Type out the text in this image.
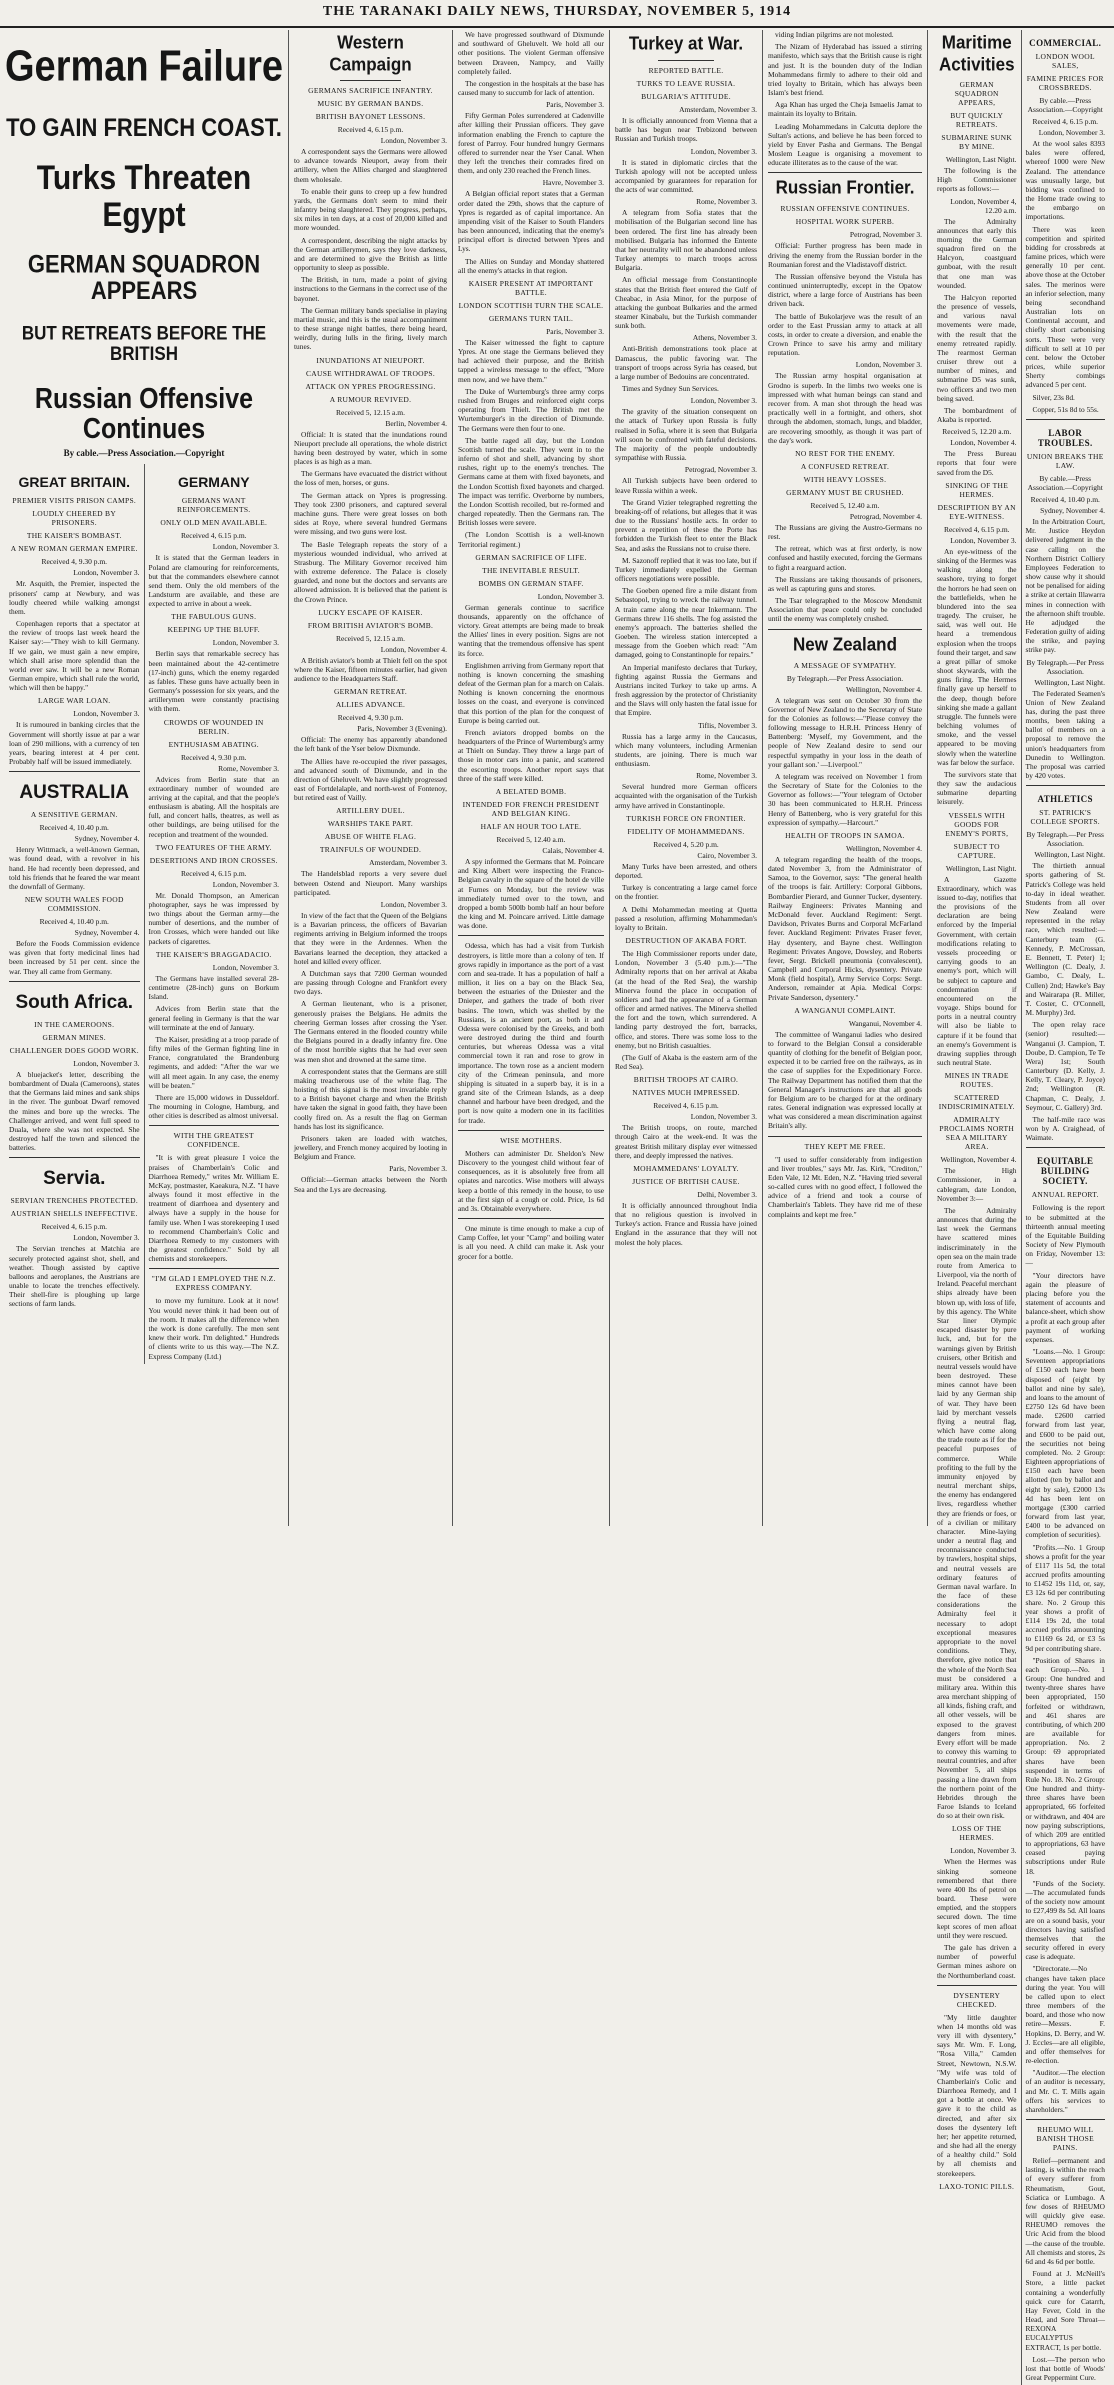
THE TARANAKI DAILY NEWS, THURSDAY, NOVEMBER 5, 1914
German Failure
TO GAIN FRENCH COAST.
Turks Threaten Egypt
GERMAN SQUADRON APPEARS
BUT RETREATS BEFORE THE BRITISH
Russian Offensive Continues
By cable.—Press Association.—Copyright
GREAT BRITAIN.
PREMIER VISITS PRISON CAMPS.
LOUDLY CHEERED BY PRISONERS.
THE KAISER'S BOMBAST.
A NEW ROMAN GERMAN EMPIRE.
Received 4, 9.30 p.m.
London, November 3.

Mr. Asquith, the Premier, inspected the prisoners' camp at Newbury, and was loudly cheered while walking amongst them.

Copenhagen reports that a spectator at the review of troops last week heard the Kaiser say:—"They wish to kill Germany. If we gain, we must gain a new empire, which shall arise more splendid than the world ever saw. It will be a new Roman German empire, which shall rule the world, which will then be happy."

LARGE WAR LOAN.
London, November 3.

It is rumoured in banking circles that the Government will shortly issue at par a war loan of 290 millions, with a currency of ten years, bearing interest at 4 per cent. Probably half will be issued immediately.

AUSTRALIA
A SENSITIVE GERMAN.
Received 4, 10.40 p.m.
Sydney, November 4.

Henry Wittmack, a well-known German, was found dead, with a revolver in his hand. He had recently been depressed, and told his friends that he feared the war meant the downfall of Germany.

NEW SOUTH WALES FOOD COMMISSION.
Received 4, 10.40 p.m.
Sydney, November 4.

Before the Foods Commission evidence was given that forty medicinal lines had been increased by 51 per cent. since the war. They all came from Germany.

South Africa.
IN THE CAMEROONS.
GERMAN MINES.
CHALLENGER DOES GOOD WORK.
London, November 3.

A bluejacket's letter, describing the bombardment of Duala (Cameroons), states that the Germans laid mines and sank ships in the river. The gunboat Dwarf removed the mines and bore up the wrecks. The Challenger arrived, and went full speed to Duala, where she was not expected. She destroyed half the town and silenced the batteries.

Servia.
SERVIAN TRENCHES PROTECTED.
AUSTRIAN SHELLS INEFFECTIVE.
Received 4, 6.15 p.m.
London, November 3.

The Servian trenches at Matchia are securely protected against shot, shell, and weather. Though assisted by captive balloons and aeroplanes, the Austrians are unable to locate the trenches effectively. Their shell-fire is ploughing up large sections of farm lands.

GERMANY
GERMANS WANT REINFORCEMENTS.
ONLY OLD MEN AVAILABLE.
Received 4, 6.15 p.m.
London, November 3.

It is stated that the German leaders in Poland are clamouring for reinforcements, but that the commanders elsewhere cannot send them. Only the old members of the Landsturm are available, and these are expected to arrive in about a week.

THE FABULOUS GUNS.
KEEPING UP THE BLUFF.
London, November 3.

Berlin says that remarkable secrecy has been maintained about the 42-centimetre (17-inch) guns, which the enemy regarded as fables. These guns have actually been in Germany's possession for six years, and the artillerymen were constantly practising with them.

CROWDS OF WOUNDED IN BERLIN.
ENTHUSIASM ABATING.
Received 4, 9.30 p.m.
Rome, November 3.

Advices from Berlin state that an extraordinary number of wounded are arriving at the capital, and that the people's enthusiasm is abating. All the hospitals are full, and concert halls, theatres, as well as other buildings, are being utilised for the reception and treatment of the wounded.

TWO FEATURES OF THE ARMY.
DESERTIONS AND IRON CROSSES.
Received 4, 6.15 p.m.
London, November 3.

Mr. Donald Thompson, an American photographer, says he was impressed by two things about the German army—the number of desertions, and the number of Iron Crosses, which were handed out like packets of cigarettes.

THE KAISER'S BRAGGADACIO.
London, November 3.

The Germans have installed several 28-centimetre (28-inch) guns on Borkum Island.

Advices from Berlin state that the general feeling in Germany is that the war will terminate at the end of January.

The Kaiser, presiding at a troop parade of fifty miles of the German fighting line in France, congratulated the Brandenburg regiments, and added: "After the war we will all meet again. In any case, the enemy will be beaten."

There are 15,000 widows in Dusseldorf. The mourning in Cologne, Hamburg, and other cities is described as almost universal.

WITH THE GREATEST CONFIDENCE.

"It is with great pleasure I voice the praises of Chamberlain's Colic and Diarrhoea Remedy," writes Mr. William E. McKay, postmaster, Kaeakura, N.Z. "I have always found it most effective in the treatment of diarrhoea and dysentery and always have a supply in the house for family use. When I was storekeeping I used to recommend Chamberlain's Colic and Diarrhoea Remedy to my customers with the greatest confidence." Sold by all chemists and storekeepers.

"I'M GLAD I EMPLOYED THE N.Z. EXPRESS COMPANY.

to move my furniture. Look at it now! You would never think it had been out of the room. It makes all the difference when the work is done carefully. The men sent knew their work. I'm delighted." Hundreds of clients write to us this way.—The N.Z. Express Company (Ltd.)

Western Campaign
GERMANS SACRIFICE INFANTRY.
MUSIC BY GERMAN BANDS.
BRITISH BAYONET LESSONS.
Received 4, 6.15 p.m.
London, November 3.

A correspondent says the Germans were allowed to advance towards Nieuport, away from their artillery, when the Allies charged and slaughtered them wholesale.

To enable their guns to creep up a few hundred yards, the Germans don't seem to mind their infantry being slaughtered. They progress, perhaps, six miles in ten days, at a cost of 20,000 killed and more wounded.

A correspondent, describing the night attacks by the German artillerymen, says they love darkness, and are determined to give the British as little opportunity to sleep as possible.

The British, in turn, made a point of giving instructions to the Germans in the correct use of the bayonet.

The German military bands specialise in playing martial music, and this is the usual accompaniment to these strange night battles, there being heard, weirdly, during lulls in the firing, lively march tunes.

INUNDATIONS AT NIEUPORT.
CAUSE WITHDRAWAL OF TROOPS.
ATTACK ON YPRES PROGRESSING.
A RUMOUR REVIVED.
Received 5, 12.15 a.m.
Berlin, November 4.

Official: It is stated that the inundations round Nieuport preclude all operations, the whole district having been destroyed by water, which in some places is as high as a man.

The Germans have evacuated the district without the loss of men, horses, or guns.

The German attack on Ypres is progressing. They took 2300 prisoners, and captured several machine guns. There were great losses on both sides at Roye, where several hundred Germans were missing, and two guns were lost.

The Basle Telegraph repeats the story of a mysterious wounded individual, who arrived at Strasburg. The Military Governor received him with extreme deference. The Palace is closely guarded, and none but the doctors and servants are allowed admission. It is believed that the patient is the Crown Prince.

LUCKY ESCAPE OF KAISER.
FROM BRITISH AVIATOR'S BOMB.
Received 5, 12.15 a.m.
London, November 4.

A British aviator's bomb at Thielt fell on the spot where the Kaiser, fifteen minutes earlier, had given audience to the Headquarters Staff.

GERMAN RETREAT.
ALLIES ADVANCE.
Received 4, 9.30 p.m.
Paris, November 3 (Evening).

Official: The enemy has apparently abandoned the left bank of the Yser below Dixmunde.

The Allies have re-occupied the river passages, and advanced south of Dixmunde, and in the direction of Gheluvelt. We have slightly progressed east of Fortdelalaple, and north-west of Fontenoy, but retired east of Vailly.

ARTILLERY DUEL.
WARSHIPS TAKE PART.
ABUSE OF WHITE FLAG.
TRAINFULS OF WOUNDED.
Amsterdam, November 3.

The Handelsblad reports a very severe duel between Ostend and Nieuport. Many warships participated.

London, November 3.

In view of the fact that the Queen of the Belgians is a Bavarian princess, the officers of Bavarian regiments arriving in Belgium informed the troops that they were in the Ardennes. When the Bavarians learned the deception, they attacked a hotel and killed every officer.

A Dutchman says that 7200 German wounded are passing through Cologne and Frankfort every two days.

A German lieutenant, who is a prisoner, generously praises the Belgians. He admits the cheering German losses after crossing the Yser. The Germans entered in the flooded country while the Belgians poured in a deadly infantry fire. One of the most horrible sights that he had ever seen was men shot and drowned at the same time.

A correspondent states that the Germans are still making treacherous use of the white flag. The hoisting of this signal is the most invariable reply to a British bayonet charge and when the British have taken the signal in good faith, they have been coolly fired on. As a result the flag on German hands has lost its significance.

Prisoners taken are loaded with watches, jewellery, and French money acquired by looting in Belgium and France.

Paris, November 3.

Official:—German attacks between the North Sea and the Lys are decreasing.

We have progressed southward of Dixmunde and southward of Gheluvelt. We hold all our other positions. The violent German offensive between Draveen, Nampcy, and Vailly completely failed.

The congestion in the hospitals at the base has caused many to succumb for lack of attention.

Paris, November 3.

Fifty German Poles surrendered at Cadenville after killing their Prussian officers. They gave information enabling the French to capture the forest of Parroy. Four hundred hungry Germans offered to surrender near the Yser Canal. When they left the trenches their comrades fired on them, and only 230 reached the French lines.

Havre, November 3.

A Belgian official report states that a German order dated the 29th, shows that the capture of Ypres is regarded as of capital importance. An impending visit of the Kaiser to South Flanders has been announced, indicating that the enemy's principal effort is directed between Ypres and Lys.

The Allies on Sunday and Monday shattered all the enemy's attacks in that region.

KAISER PRESENT AT IMPORTANT BATTLE.
LONDON SCOTTISH TURN THE SCALE.
GERMANS TURN TAIL.
Paris, November 3.

The Kaiser witnessed the fight to capture Ypres. At one stage the Germans believed they had achieved their purpose, and the British tapped a wireless message to the effect, "More men now, and we have them."

The Duke of Wurtemburg's three army corps rushed from Bruges and reinforced eight corps operating from Thielt. The British met the Wurtemburger's in the direction of Dixmunde. The Germans were then four to one.

The battle raged all day, but the London Scottish turned the scale. They went in to the inferno of shot and shell, advancing by short rushes, right up to the enemy's trenches. The Germans came at them with fixed bayonets, and the London Scottish fixed bayonets and charged. The impact was terrific. Overborne by numbers, the London Scottish recoiled, but re-formed and charged repeatedly. Then the Germans ran. The British losses were severe.

(The London Scottish is a well-known Territorial regiment.)

GERMAN SACRIFICE OF LIFE.
THE INEVITABLE RESULT.
BOMBS ON GERMAN STAFF.
London, November 3.

German generals continue to sacrifice thousands, apparently on the offchance of victory. Great attempts are being made to break the Allies' lines in every position. Signs are not wanting that the tremendous offensive has spent its force.

Englishmen arriving from Germany report that nothing is known concerning the smashing defeat of the German plan for a march on Calais. Nothing is known concerning the enormous losses on the coast, and everyone is convinced that this portion of the plan for the conquest of Europe is being carried out.

French aviators dropped bombs on the headquarters of the Prince of Wurtemburg's army at Thielt on Sunday. They threw a large part of those in motor cars into a panic, and scattered the escorting troops. Another report says that three of the staff were killed.

A BELATED BOMB.
INTENDED FOR FRENCH PRESIDENT AND BELGIAN KING.
HALF AN HOUR TOO LATE.
Received 5, 12.40 a.m.
Calais, November 4.

A spy informed the Germans that M. Poincare and King Albert were inspecting the Franco-Belgian cavalry in the square of the hotel de ville at Furnes on Monday, but the review was immediately turned over to the town, and dropped a bomb 500lb bomb half an hour before the king and M. Poincare arrived. Little damage was done.

Odessa, which has had a visit from Turkish destroyers, is little more than a colony of ten. If grows rapidly in importance as the port of a vast corn and sea-trade. It has a population of half a million, it lies on a bay on the Black Sea, between the estuaries of the Dniester and the Dnieper, and gathers the trade of both river basins. The town, which was shelled by the Russians, is an ancient port, as both it and Odessa were colonised by the Greeks, and both were destroyed during the third and fourth centuries, but whereas Odessa was a vital commercial town it ran and rose to grow in importance. The town rose as a ancient modern city of the Crimean peninsula, and more shipping is situated in a superb bay, it is in a grand site of the Crimean Islands, as a deep channel and harbour have been dredged, and the port is now quite a modern one in its facilities for trade.

WISE MOTHERS.

Mothers can administer Dr. Sheldon's New Discovery to the youngest child without fear of consequences, as it is absolutely free from all opiates and narcotics. Wise mothers will always keep a bottle of this remedy in the house, to use at the first sign of a cough or cold. Price, 1s 6d and 3s. Obtainable everywhere.

One minute is time enough to make a cup of Camp Coffee, let your "Camp" and boiling water is all you need. A child can make it. Ask your grocer for a bottle.

Turkey at War.
REPORTED BATTLE.
TURKS TO LEAVE RUSSIA.
BULGARIA'S ATTITUDE.
Amsterdam, November 3.

It is officially announced from Vienna that a battle has begun near Trebizond between Russian and Turkish troops.

London, November 3.

It is stated in diplomatic circles that the Turkish apology will not be accepted unless accompanied by guarantees for reparation for the acts of war committed.

Rome, November 3.

A telegram from Sofia states that the mobilisation of the Bulgarian second line has been ordered. The first line has already been mobilised. Bulgaria has informed the Entente that her neutrality will not be abandoned unless Turkey attempts to march troops across Bulgaria.

An official message from Constantinople states that the British fleet entered the Gulf of Cheabac, in Asia Minor, for the purpose of attacking the gunboat Bulkaries and the armed steamer Kinabalu, but the Turkish commander sunk both.

Athens, November 3.

Anti-British demonstrations took place at Damascus, the public favoring war. The transport of troops across Syria has ceased, but a large number of Bedouins are concentrated.

Times and Sydney Sun Services.

London, November 3.

The gravity of the situation consequent on the attack of Turkey upon Russia is fully realised in Sofia, where it is seen that Bulgaria will soon be confronted with fateful decisions. The majority of the people undoubtedly sympathise with Russia.

Petrograd, November 3.

All Turkish subjects have been ordered to leave Russia within a week.

The Grand Vizier telegraphed regretting the breaking-off of relations, but alleges that it was due to the Russians' hostile acts. In order to prevent a repetition of these the Porte has forbidden the Turkish fleet to enter the Black Sea, and asks the Russians not to cruise there.

M. Sazonoff replied that it was too late, but if Turkey immediately expelled the German officers negotiations were possible.

The Goeben opened fire a mile distant from Sebastopol, trying to wreck the railway tunnel. A train came along the near Inkermann. The Germans threw 116 shells. The fog assisted the enemy's approach. The batteries shelled the Goeben. The wireless station intercepted a message from the Goeben which read: "Am damaged, going to Constantinople for repairs."

An Imperial manifesto declares that Turkey, fighting against Russia the Germans and Austrians incited Turkey to take up arms. A fresh aggression by the protector of Christianity and the Slavs will only hasten the fatal issue for that Empire.

Tiflis, November 3.

Russia has a large army in the Caucasus, which many volunteers, including Armenian students, are joining. There is much war enthusiasm.

Rome, November 3.

Several hundred more German officers acquainted with the organisation of the Turkish army have arrived in Constantinople.

TURKISH FORCE ON FRONTIER.
FIDELITY OF MOHAMMEDANS.
Received 4, 5.20 p.m.
Cairo, November 3.

Many Turks have been arrested, and others deported.

Turkey is concentrating a large camel force on the frontier.

A Delhi Mohammedan meeting at Quetta passed a resolution, affirming Mohammedan's loyalty to Britain.

DESTRUCTION OF AKABA FORT.

The High Commissioner reports under date, London, November 3 (5.40 p.m.):—"The Admiralty reports that on her arrival at Akaba (at the head of the Red Sea), the warship Minerva found the place in occupation of soldiers and had the appearance of a German officer and armed natives. The Minerva shelled the fort and the town, which surrendered. A landing party destroyed the fort, barracks, office, and stores. There was some loss to the enemy, but no British casualties.

(The Gulf of Akaba is the eastern arm of the Red Sea).

BRITISH TROOPS AT CAIRO.
NATIVES MUCH IMPRESSED.
Received 4, 6.15 p.m.
London, November 3.

The British troops, on route, marched through Cairo at the week-end. It was the greatest British military display ever witnessed there, and deeply impressed the natives.

MOHAMMEDANS' LOYALTY.
JUSTICE OF BRITISH CAUSE.
Delhi, November 3.

It is officially announced throughout India that no religious question is involved in Turkey's action. France and Russia have joined England in the assurance that they will not molest the holy places.

viding Indian pilgrims are not molested.

The Nizam of Hyderabad has issued a stirring manifesto, which says that the British cause is right and just. It is the bounden duty of the Indian Mohammedans firmly to adhere to their old and tried loyalty to Britain, which has always been Islam's best friend.

Aga Khan has urged the Cheja Ismaelis Jamat to maintain its loyalty to Britain.

Leading Mohammedans in Calcutta deplore the Sultan's actions, and believe he has been forced to yield by Enver Pasha and Germans. The Bengal Moslem League is organising a movement to educate illiterates as to the cause of the war.

Russian Frontier.
RUSSIAN OFFENSIVE CONTINUES.
HOSPITAL WORK SUPERB.
Petrograd, November 3.

Official: Further progress has been made in driving the enemy from the Russian border in the Roumanian forest and the Vladistavoff district.

The Russian offensive beyond the Vistula has continued uninterruptedly, except in the Opatow district, where a large force of Austrians has been driven back.

The battle of Bukolarjeve was the result of an order to the East Prussian army to attack at all costs, in order to create a diversion, and enable the Crown Prince to save his army and military reputation.

London, November 3.

The Russian army hospital organisation at Grodno is superb. In the limbs two weeks one is impressed with what human beings can stand and recover from. A man shot through the head was practically well in a fortnight, and others, shot through the abdomen, stomach, lungs, and bladder, are recovering smoothly, as though it was part of the day's work.

NO REST FOR THE ENEMY.
A CONFUSED RETREAT.
WITH HEAVY LOSSES.
GERMANY MUST BE CRUSHED.
Received 5, 12.40 a.m.
Petrograd, November 4.

The Russians are giving the Austro-Germans no rest.

The retreat, which was at first orderly, is now confused and hastily executed, forcing the Germans to fight a rearguard action.

The Russians are taking thousands of prisoners, as well as capturing guns and stores.

The Tsar telegraphed to the Moscow Mendsmit Association that peace could only be concluded until the enemy was completely crushed.

New Zealand
A MESSAGE OF SYMPATHY.
By Telegraph.—Per Press Association.
Wellington, November 4.

A telegram was sent on October 30 from the Governor of New Zealand to the Secretary of State for the Colonies as follows:—"Please convey the following message to H.R.H. Princess Henry of Battenberg: 'Myself, my Government, and the people of New Zealand desire to send our respectful sympathy in your loss in the death of your gallant son.' —Liverpool."

A telegram was received on November 1 from the Secretary of State for the Colonies to the Governor as follows:—"Your telegram of October 30 has been communicated to H.R.H. Princess Henry of Battenberg, who is very grateful for this expression of sympathy.—Harcourt."

HEALTH OF TROOPS IN SAMOA.
Wellington, November 4.

A telegram regarding the health of the troops, dated November 3, from the Administrator of Samoa, to the Governor, says: "The general health of the troops is fair. Artillery: Corporal Gibbons, Bombardier Pierard, and Gunner Tucker, dysentery. Railway Engineers: Privates Manning and McDonald fever. Auckland Regiment: Sergt. Davidson, Privates Burns and Corporal McFarland fever. Auckland Regiment: Privates Fraser fever, Hay dysentery, and Bayne chest. Wellington Regiment: Privates Angove, Dowsley, and Roberts fever, Sergt. Brickell pneumonia (convalescent), Campbell and Corporal Hicks, dysentery. Private Monk (field hospital), Army Service Corps: Sergt. Anderson, remainder at Apia. Medical Corps: Private Sanderson, dysentery."

A WANGANUI COMPLAINT.
Wanganui, November 4.

The committee of Wanganui ladies who desired to forward to the Belgian Consul a considerable quantity of clothing for the benefit of Belgian poor, expected it to be carried free on the railways, as in the case of supplies for the Expeditionary Force. The Railway Department has notified them that the General Manager's instructions are that all goods for Belgium are to be charged for at the ordinary rates. General indignation was expressed locally at what was considered a mean discrimination against Britain's ally.

THEY KEPT ME FREE.

"I used to suffer considerably from indigestion and liver troubles," says Mr. Jas. Kirk, "Crediton," Eden Vale, 12 Mt. Eden, N.Z. "Having tried several so-called cures with no good effect, I followed the advice of a friend and took a course of Chamberlain's Tablets. They have rid me of these complaints and kept me free."

Maritime Activities
GERMAN SQUADRON APPEARS,
BUT QUICKLY RETREATS.
SUBMARINE SUNK BY MINE.
Wellington, Last Night.

The following is the High Commissioner reports as follows:—

London, November 4, 12.20 a.m.

The Admiralty announces that early this morning the German squadron fired on the Halcyon, coastguard gunboat, with the result that one man was wounded.

The Halcyon reported the presence of vessels, and various naval movements were made, with the result that the enemy retreated rapidly. The rearmost German cruiser threw out a number of mines, and submarine D5 was sunk, two officers and two men being saved.

The bombardment of Akaba is reported.

Received 5, 12.20 a.m.
London, November 4.

The Press Bureau reports that four were saved from the D5.

SINKING OF THE HERMES.
DESCRIPTION BY AN EYE-WITNESS.
Received 4, 6.15 p.m.
London, November 3.

An eye-witness of the sinking of the Hermes was walking along the seashore, trying to forget the horrors he had seen on the battlefields, when he blundered into the sea tragedy. The cruiser, he said, was well out. He heard a tremendous explosion when the troops found their target, and saw a great pillar of smoke shoot skywards, with the guns firing. The Hermes finally gave up herself to the deep, though before sinking she made a gallant struggle. The funnels were belching volumes of smoke, and the vessel appeared to be moving slowly when the waterline was far below the surface.

The survivors state that they saw the audacious submarine departing leisurely.

VESSELS WITH GOODS FOR ENEMY'S PORTS,
SUBJECT TO CAPTURE.
Wellington, Last Night.

A Gazette Extraordinary, which was issued to-day, notifies that the provisions of the declaration are being enforced by the Imperial Government, with certain modifications relating to vessels proceeding or carrying goods to an enemy's port, which will be subject to capture and condemnation if encountered on the voyage. Ships bound for ports in a neutral country will also be liable to capture if it be found that an enemy's Government is drawing supplies through such neutral State.

MINES IN TRADE ROUTES.
SCATTERED INDISCRIMINATELY.
ADMIRALTY PROCLAIMS NORTH SEA A MILITARY AREA.
Wellington, November 4.

The High Commissioner, in a cablegram, date London, November 3:—

The Admiralty announces that during the last week the Germans have scattered mines indiscriminately in the open sea on the main trade route from America to Liverpool, via the north of Ireland. Peaceful merchant ships already have been blown up, with loss of life, by this agency. The White Star liner Olympic escaped disaster by pure luck, and, but for the warnings given by British cruisers, other British and neutral vessels would have been destroyed. These mines cannot have been laid by any German ship of war. They have been laid by merchant vessels flying a neutral flag, which have come along the trade route as if for the peaceful purposes of commerce. While profiting to the full by the immunity enjoyed by neutral merchant ships, the enemy has endangered lives, regardless whether they are friends or foes, or of a civilian or military character. Mine-laying under a neutral flag and reconnaissance conducted by trawlers, hospital ships, and neutral vessels are ordinary features of German naval warfare. In the face of these considerations the Admiralty feel it necessary to adopt exceptional measures appropriate to the novel conditions. They, therefore, give notice that the whole of the North Sea must be considered a military area. Within this area merchant shipping of all kinds, fishing craft, and all other vessels, will be exposed to the gravest dangers from mines. Every effort will be made to convey this warning to neutral countries, and after November 5, all ships passing a line drawn from the northern point of the Hebrides through the Faroe Islands to Iceland do so at their own risk.

LOSS OF THE HERMES.
London, November 3.

When the Hermes was sinking someone remembered that there were 400 lbs of petrol on board. These were emptied, and the stoppers secured down. The time kept scores of men afloat until they were rescued.

The gale has driven a number of powerful German mines ashore on the Northumberland coast.

DYSENTERY CHECKED.

"My little daughter when 14 months old was very ill with dysentery," says Mr. Wm. F. Long, "Rosa Villa," Camden Street, Newtown, N.S.W. "My wife was told of Chamberlain's Colic and Diarrhoea Remedy, and I got a bottle at once. We gave it to the child as directed, and after six doses the dysentery left her; her appetite returned, and she had all the energy of a healthy child." Sold by all chemists and storekeepers.

LAXO-TONIC PILLS.
COMMERCIAL.
LONDON WOOL SALES,
FAMINE PRICES FOR CROSSBREDS.
By cable.—Press Association.—Copyright
Received 4, 6.15 p.m.
London, November 3.

At the wool sales 8393 bales were offered, whereof 1000 were New Zealand. The attendance was unusually large, but bidding was confined to the Home trade owing to the embargo on importations.

There was keen competition and spirited bidding for crossbreds at famine prices, which were generally 10 per cent. above those at the October sales. The merinos were an inferior selection, many being secondhand Australian lots on Continental account, and chiefly short carbonising sorts. These were very difficult to sell at 10 per cent. below the October prices, while superior Sherty combings advanced 5 per cent.

Silver, 23s 8d.

Copper, 51s 8d to 55s.

LABOR TROUBLES.
UNION BREAKS THE LAW.
By cable.—Press Association.—Copyright
Received 4, 10.40 p.m.
Sydney, November 4.

In the Arbitration Court, Mr. Justice Heydon delivered judgment in the case calling on the Northern District Colliery Employees Federation to show cause why it should not be penalised for aiding a strike at certain Illawarra mines in connection with the afternoon shift trouble. He adjudged the Federation guilty of aiding the strike, and paying strike pay.

By Telegraph.—Per Press Association.
Wellington, Last Night.

The Federated Seamen's Union of New Zealand has, during the past three months, been taking a ballot of members on a proposal to remove the union's headquarters from Dunedin to Wellington. The proposal was carried by 420 votes.

ATHLETICS
ST. PATRICK'S COLLEGE SPORTS.
By Telegraph.—Per Press Association.
Wellington, Last Night.

The thirtieth annual sports gathering of St. Patrick's College was held to-day in ideal weather. Students from all over New Zealand were represented in the relay race, which resulted:—Canterbury team (G. Kennedy, P. McCrossan, E. Bennett, T. Peter) 1; Wellington (C. Dealy, J. Gambo, C. Dealy, L. Cullen) 2nd; Hawke's Bay and Wairarapa (R. Miller, T. Coster, C. O'Connell, M. Murphy) 3rd.

The open relay race (senior) resulted:—Wanganui (J. Campion, T. Doube, D. Campion, Te Te Wera) 1st; South Canterbury (D. Kelly, J. Kelly, T. Cleary, P. Joyce) 2nd; Wellington (R. Chapman, C. Dealy, J. Seymour, C. Gallery) 3rd.

The half-mile race was won by A. Craighead, of Waimate.

EQUITABLE BUILDING SOCIETY.
ANNUAL REPORT.

Following is the report to be submitted at the thirteenth annual meeting of the Equitable Building Society of New Plymouth on Friday, November 13:—

"Your directors have again the pleasure of placing before you the statement of accounts and balance-sheet, which show a profit at each group after payment of working expenses.

"Loans.—No. 1 Group: Seventeen appropriations of £150 each have been disposed of (eight by ballot and nine by sale), and loans to the amount of £2750 12s 6d have been made. £2600 carried forward from last year, and £600 to be paid out, the securities not being completed. No. 2 Group: Eighteen appropriations of £150 each have been allotted (ten by ballot and eight by sale), £2000 13s 4d has been lent on mortgage (£300 carried forward from last year, £400 to be advanced on completion of securities).

"Profits.—No. 1 Group shows a profit for the year of £117 11s 5d, the total accrued profits amounting to £1452 19s 11d, or, say, £3 12s 6d per contributing share. No. 2 Group this year shows a profit of £114 19s 2d, the total accrued profits amounting to £1169 6s 2d, or £3 5s 9d per contributing share.

"Position of Shares in each Group.—No. 1 Group: One hundred and twenty-three shares have been appropriated, 150 forfeited or withdrawn, and 461 shares are contributing, of which 200 are available for appropriation. No. 2 Group: 69 appropriated shares have been suspended in terms of Rule No. 18. No. 2 Group: One hundred and thirty-three shares have been appropriated, 66 forfeited or withdrawn, and 404 are now paying subscriptions, of which 209 are entitled to appropriations, 63 have ceased paying subscriptions under Rule 18.

"Funds of the Society.—The accumulated funds of the society now amount to £27,499 8s 5d. All loans are on a sound basis, your directors having satisfied themselves that the security offered in every case is adequate.

"Directorate.—No changes have taken place during the year. You will be called upon to elect three members of the board, and those who now retire—Messrs. F. Hopkins, D. Berry, and W. J. Eccles—are all eligible, and offer themselves for re-election.

"Auditor.—The election of an auditor is necessary, and Mr. C. T. Mills again offers his services to shareholders."

RHEUMO WILL BANISH THOSE PAINS.

Relief—permanent and lasting, is within the reach of every sufferer from Rheumatism, Gout, Sciatica or Lumbago. A few doses of RHEUMO will quickly give ease. RHEUMO removes the Uric Acid from the blood—the cause of the trouble. All chemists and stores, 2s 6d and 4s 6d per bottle.

Found at J. McNeill's Store, a little packet containing a wonderfully quick cure for Catarrh, Hay Fever, Cold in the Head, and Sore Throat—REXONA EUCALYPTUS EXTRACT, 1s per bottle.

Lost.—The person who lost that bottle of Woods' Great Peppermint Cure.
